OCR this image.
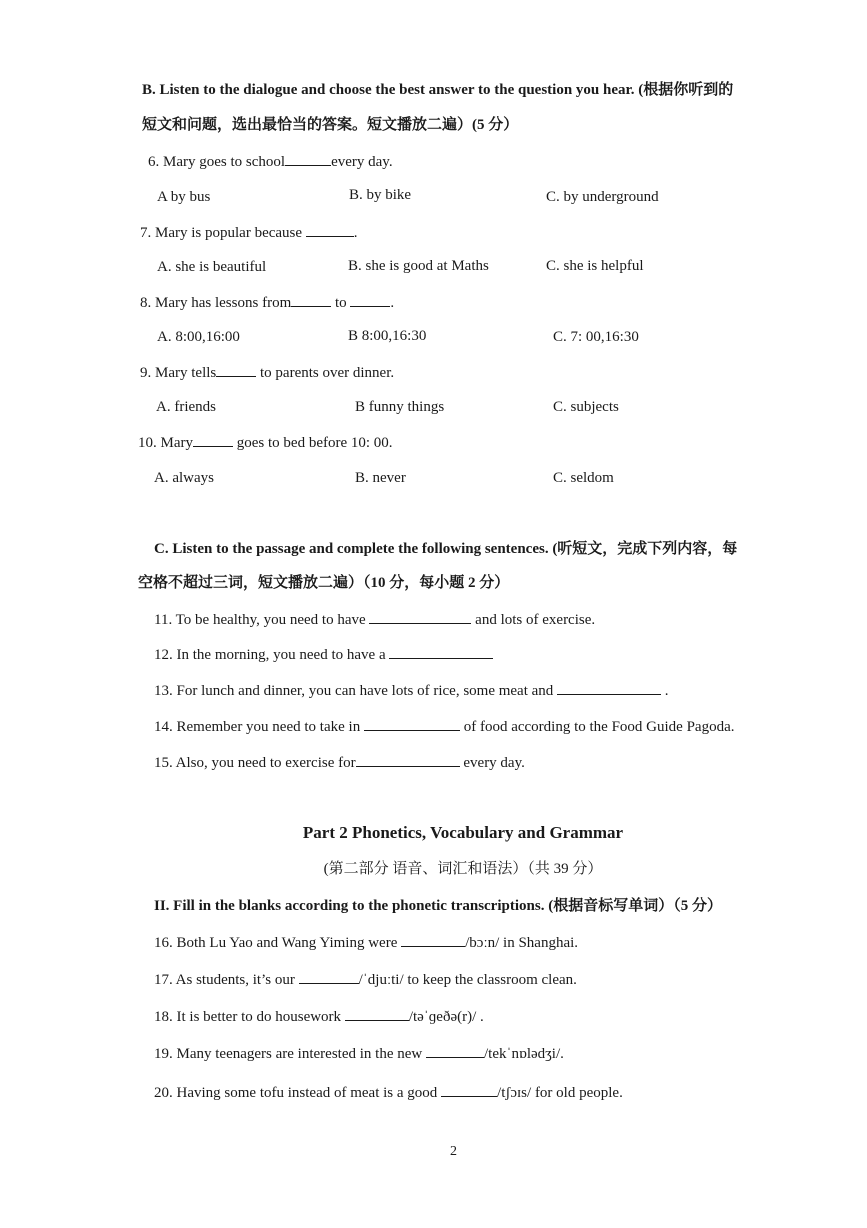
B. Listen to the dialogue and choose the best answer to the question you hear. (根据你听到的
短文和问题，选出最恰当的答案。短文播放二遍）(5 分）
6. Mary goes to school	every day.
A by bus	B. by bike	C. by underground
7. Mary is popular because	.
A. she is beautiful	B. she is good at Maths	C. she is helpful
8. Mary has lessons from	to	.
A. 8:00,16:00	B 8:00,16:30	C. 7: 00,16:30
9. Mary tells	to parents over dinner.
A. friends	B funny things	C. subjects
10. Mary	goes to bed before 10: 00.
A. always	B. never	C. seldom
C. Listen to the passage and complete the following sentences. (听短文，完成下列内容，每
空格不超过三词，短文播放二遍）（10 分，每小题 2 分）
11. To be healthy, you need to have	and lots of exercise.
12. In the morning, you need to have a
13. For lunch and dinner, you can have lots of rice, some meat and	.
14. Remember you need to take in	of food according to the Food Guide Pagoda.
15. Also, you need to exercise for	every day.
Part 2 Phonetics, Vocabulary and Grammar
(第二部分 语音、词汇和语法）（共 39 分）
II. Fill in the blanks according to the phonetic transcriptions. (根据音标写单词）（5 分）
16. Both Lu Yao and Wang Yiming were	/bɔːn/ in Shanghai.
17. As students, it’s our	/ˈdjuːti/ to keep the classroom clean.
18. It is better to do housework	/təˈɡeðə(r)/ .
19. Many teenagers are interested in the new	/tekˈnɒlədʒi/.
20. Having some tofu instead of meat is a good	/tʃɔɪs/ for old people.
2
